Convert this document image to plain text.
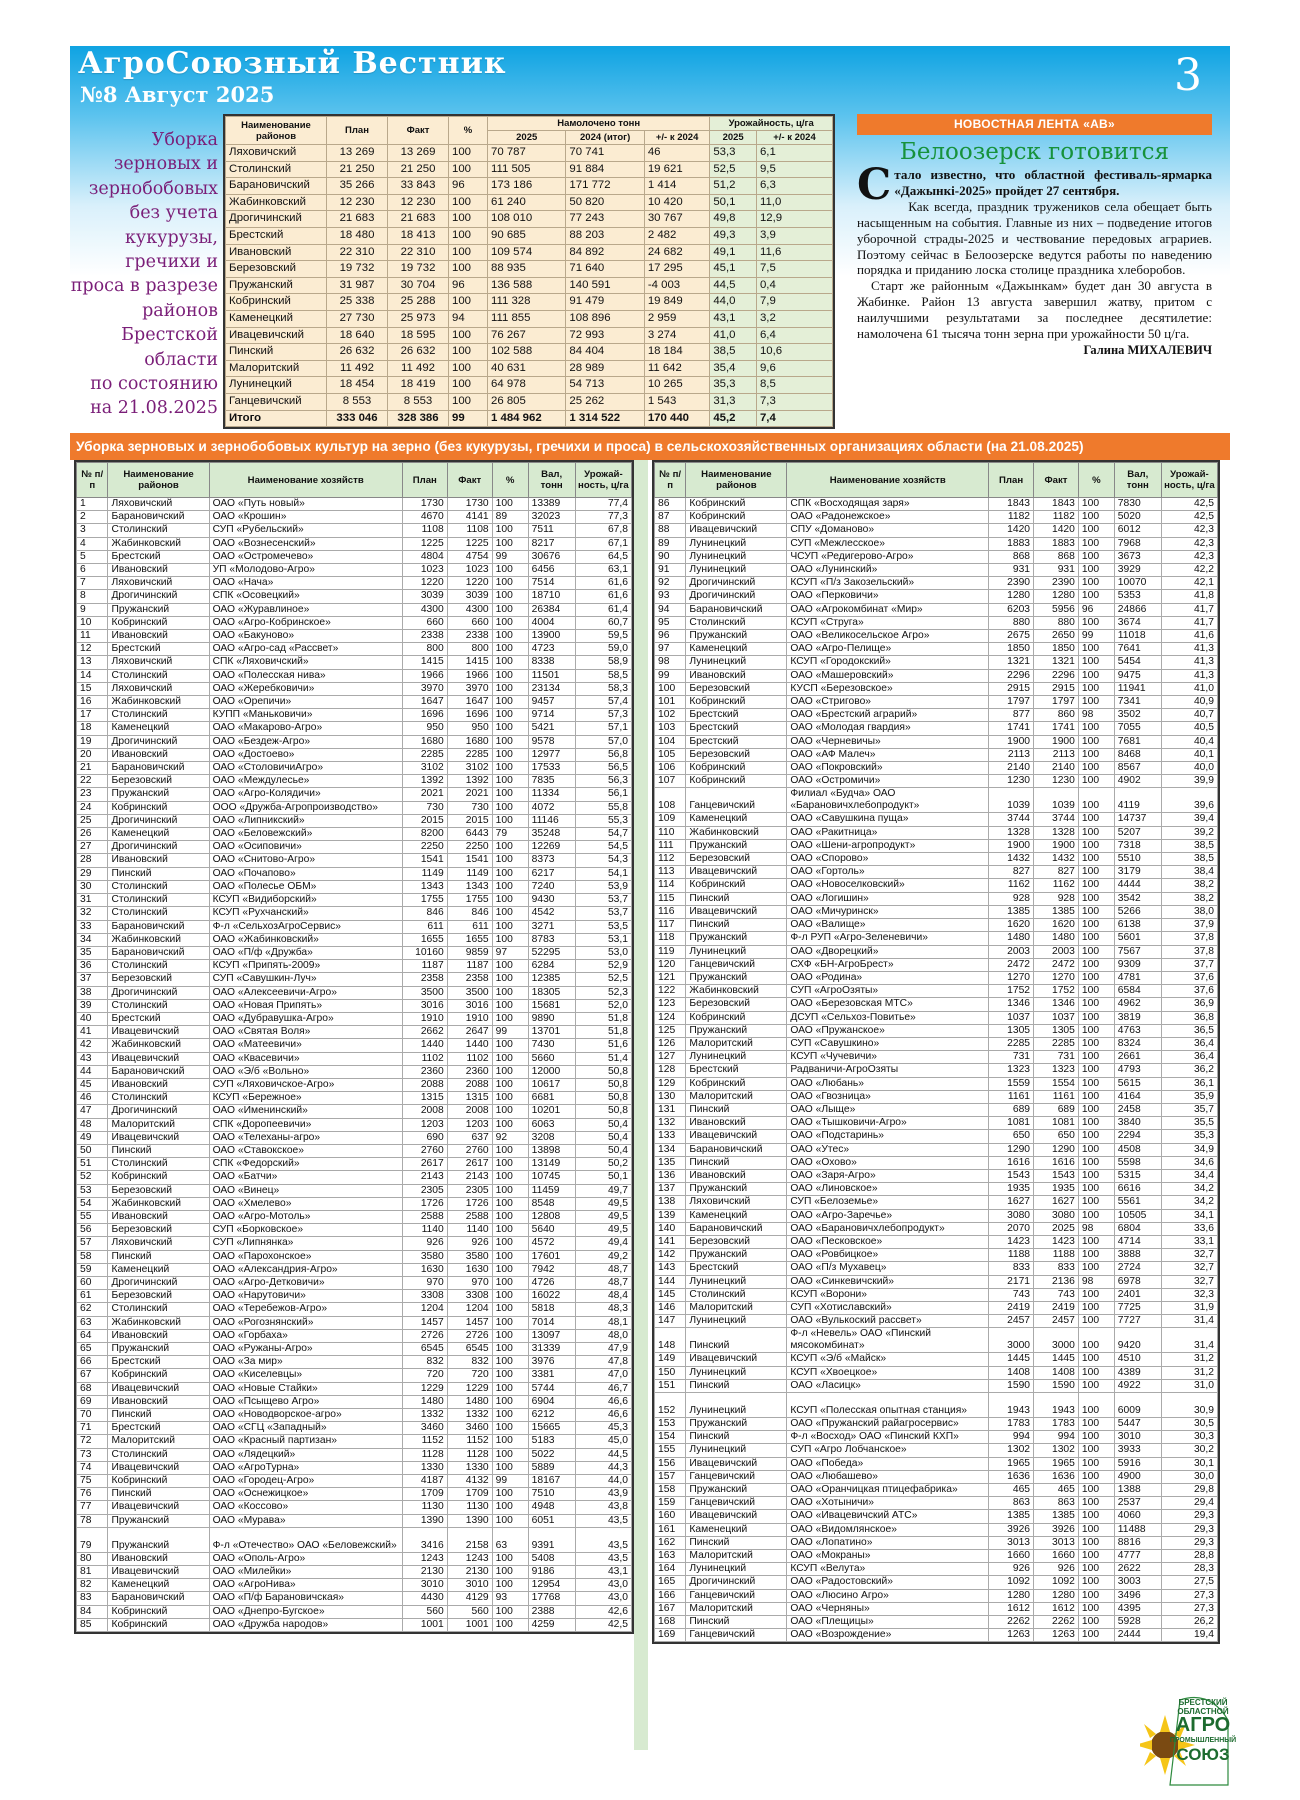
АгроСоюзный Вестник
№8 Август 2025	3
Уборка
зерновых и
зернобобовых
без учета
кукурузы,
гречихи и
проса в разрезе
районов
Брестской
области
по состоянию
на 21.08.2025
Наименование районов	План	Факт	%	Намолочено тонн			Урожайность, ц/га	
				2025	2024 (итог)	+/- к 2024	2025	+/- к 2024
Ляховичский	13 269	13 269	100	70 787	70 741	46	53,3	6,1
Столинский	21 250	21 250	100	111 505	91 884	19 621	52,5	9,5
Барановичский	35 266	33 843	96	173 186	171 772	1 414	51,2	6,3
Жабинковский	12 230	12 230	100	61 240	50 820	10 420	50,1	11,0
Дрогичинский	21 683	21 683	100	108 010	77 243	30 767	49,8	12,9
Брестский	18 480	18 413	100	90 685	88 203	2 482	49,3	3,9
Ивановский	22 310	22 310	100	109 574	84 892	24 682	49,1	11,6
Березовский	19 732	19 732	100	88 935	71 640	17 295	45,1	7,5
Пружанский	31 987	30 704	96	136 588	140 591	-4 003	44,5	0,4
Кобринский	25 338	25 288	100	111 328	91 479	19 849	44,0	7,9
Каменецкий	27 730	25 973	94	111 855	108 896	2 959	43,1	3,2
Ивацевичский	18 640	18 595	100	76 267	72 993	3 274	41,0	6,4
Пинский	26 632	26 632	100	102 588	84 404	18 184	38,5	10,6
Малоритский	11 492	11 492	100	40 631	28 989	11 642	35,4	9,6
Лунинецкий	18 454	18 419	100	64 978	54 713	10 265	35,3	8,5
Ганцевичский	8 553	8 553	100	26 805	25 262	1 543	31,3	7,3
Итого	333 046	328 386	99	1 484 962	1 314 522	170 440	45,2	7,4
НОВОСТНАЯ ЛЕНТА «АВ»
Белоозерск готовится

Стало известно, что областной фестиваль-ярмарка «Дажынкі-2025» пройдет 27 сентября.

Как всегда, праздник тружеников села обещает быть насыщенным на события. Главные из них – подведение итогов уборочной страды-2025 и чествование передовых аграриев. Поэтому сейчас в Белоозерске ведутся работы по наведению порядка и приданию лоска столице праздника хлеборобов.

Старт же районным «Дажынкам» будет дан 30 августа в Жабинке. Район 13 августа завершил жатву, притом с наилучшими результатами за последнее десятилетие: намолочена 61 тысяча тонн зерна при урожайности 50 ц/га.

Галина МИХАЛЕВИЧ
Уборка зерновых и зернобобовых культур на зерно (без кукурузы, гречихи и проса) в сельскохозяйственных организациях области (на 21.08.2025)
№ п/п	Наименование районов	Наименование хозяйств	План	Факт	%	Вал, тонн	Урожай-ность, ц/га
1	Ляховичский	ОАО «Путь новый»	1730	1730	100	13389	77,4
2	Барановичский	ОАО «Крошин»	4670	4141	89	32023	77,3
3	Столинский	СУП «Рубельский»	1108	1108	100	7511	67,8
4	Жабинковский	ОАО «Вознесенский»	1225	1225	100	8217	67,1
5	Брестский	ОАО «Остромечево»	4804	4754	99	30676	64,5
6	Ивановский	УП «Молодово-Агро»	1023	1023	100	6456	63,1
7	Ляховичский	ОАО «Нача»	1220	1220	100	7514	61,6
8	Дрогичинский	СПК «Осовецкий»	3039	3039	100	18710	61,6
9	Пружанский	ОАО «Журавлиное»	4300	4300	100	26384	61,4
10	Кобринский	ОАО «Агро-Кобринское»	660	660	100	4004	60,7
11	Ивановский	ОАО «Бакуново»	2338	2338	100	13900	59,5
12	Брестский	ОАО «Агро-сад «Рассвет»	800	800	100	4723	59,0
13	Ляховичский	СПК «Ляховичский»	1415	1415	100	8338	58,9
14	Столинский	ОАО «Полесская нива»	1966	1966	100	11501	58,5
15	Ляховичский	ОАО «Жеребковичи»	3970	3970	100	23134	58,3
16	Жабинковский	ОАО «Орепичи»	1647	1647	100	9457	57,4
17	Столинский	КУПП «Маньковичи»	1696	1696	100	9714	57,3
18	Каменецкий	ОАО «Макарово-Агро»	950	950	100	5421	57,1
19	Дрогичинский	ОАО «Бездеж-Агро»	1680	1680	100	9578	57,0
20	Ивановский	ОАО «Достоево»	2285	2285	100	12977	56,8
21	Барановичский	ОАО «СтоловичиАгро»	3102	3102	100	17533	56,5
22	Березовский	ОАО «Междулесье»	1392	1392	100	7835	56,3
23	Пружанский	ОАО «Агро-Колядичи»	2021	2021	100	11334	56,1
24	Кобринский	ООО «Дружба-Агропроизводство»	730	730	100	4072	55,8
25	Дрогичинский	ОАО «Липникский»	2015	2015	100	11146	55,3
26	Каменецкий	ОАО «Беловежский»	8200	6443	79	35248	54,7
27	Дрогичинский	ОАО «Осиповичи»	2250	2250	100	12269	54,5
28	Ивановский	ОАО «Снитово-Агро»	1541	1541	100	8373	54,3
29	Пинский	ОАО «Почапово»	1149	1149	100	6217	54,1
30	Столинский	ОАО «Полесье ОБМ»	1343	1343	100	7240	53,9
31	Столинский	КСУП «Видиборский»	1755	1755	100	9430	53,7
32	Столинский	КСУП «Рухчанский»	846	846	100	4542	53,7
33	Барановичский	Ф-л «СельхозАгроСервис»	611	611	100	3271	53,5
34	Жабинковский	ОАО «Жабинковский»	1655	1655	100	8783	53,1
35	Барановичский	ОАО «П/ф «Дружба»	10160	9859	97	52295	53,0
36	Столинский	КСУП «Припять-2009»	1187	1187	100	6284	52,9
37	Березовский	СУП «Савушкин-Луч»	2358	2358	100	12385	52,5
38	Дрогичинский	ОАО «Алексеевичи-Агро»	3500	3500	100	18305	52,3
39	Столинский	ОАО «Новая Припять»	3016	3016	100	15681	52,0
40	Брестский	ОАО «Дубравушка-Агро»	1910	1910	100	9890	51,8
41	Ивацевичский	ОАО «Святая Воля»	2662	2647	99	13701	51,8
42	Жабинковский	ОАО «Матеевичи»	1440	1440	100	7430	51,6
43	Ивацевичский	ОАО «Квасевичи»	1102	1102	100	5660	51,4
44	Барановичский	ОАО «Э/б «Вольно»	2360	2360	100	12000	50,8
45	Ивановский	СУП «Ляховичское-Агро»	2088	2088	100	10617	50,8
46	Столинский	КСУП «Бережное»	1315	1315	100	6681	50,8
47	Дрогичинский	ОАО «Именинский»	2008	2008	100	10201	50,8
48	Малоритский	СПК «Доропеевичи»	1203	1203	100	6063	50,4
49	Ивацевичский	ОАО «Телеханы-агро»	690	637	92	3208	50,4
50	Пинский	ОАО «Ставокское»	2760	2760	100	13898	50,4
51	Столинский	СПК «Федорский»	2617	2617	100	13149	50,2
52	Кобринский	ОАО «Батчи»	2143	2143	100	10745	50,1
53	Березовский	ОАО «Винец»	2305	2305	100	11459	49,7
54	Жабинковский	ОАО «Хмелево»	1726	1726	100	8548	49,5
55	Ивановский	ОАО «Агро-Мотоль»	2588	2588	100	12808	49,5
56	Березовский	СУП «Борковское»	1140	1140	100	5640	49,5
57	Ляховичский	СУП «Липнянка»	926	926	100	4572	49,4
58	Пинский	ОАО «Парохонское»	3580	3580	100	17601	49,2
59	Каменецкий	ОАО «Александрия-Агро»	1630	1630	100	7942	48,7
60	Дрогичинский	ОАО «Агро-Детковичи»	970	970	100	4726	48,7
61	Березовский	ОАО «Нарутовичи»	3308	3308	100	16022	48,4
62	Столинский	ОАО «Теребежов-Агро»	1204	1204	100	5818	48,3
63	Жабинковский	ОАО «Рогознянский»	1457	1457	100	7014	48,1
64	Ивановский	ОАО «Горбаха»	2726	2726	100	13097	48,0
65	Пружанский	ОАО «Ружаны-Агро»	6545	6545	100	31339	47,9
66	Брестский	ОАО «За мир»	832	832	100	3976	47,8
67	Кобринский	ОАО «Киселевцы»	720	720	100	3381	47,0
68	Ивацевичский	ОАО «Новые Стайки»	1229	1229	100	5744	46,7
69	Ивановский	ОАО «Псыщево Агро»	1480	1480	100	6904	46,6
70	Пинский	ОАО «Новодворское-агро»	1332	1332	100	6212	46,6
71	Брестский	ОАО «СГЦ «Западный»	3460	3460	100	15665	45,3
72	Малоритский	ОАО «Красный партизан»	1152	1152	100	5183	45,0
73	Столинский	ОАО «Лядецкий»	1128	1128	100	5022	44,5
74	Ивацевичский	ОАО «АгроТурна»	1330	1330	100	5889	44,3
75	Кобринский	ОАО «Городец-Агро»	4187	4132	99	18167	44,0
76	Пинский	ОАО «Оснежицкое»	1709	1709	100	7510	43,9
77	Ивацевичский	ОАО «Коссово»	1130	1130	100	4948	43,8
78	Пружанский	ОАО «Мурава»	1390	1390	100	6051	43,5
79	Пружанский	Ф-л «Отечество» ОАО «Беловежский»	3416	2158	63	9391	43,5
80	Ивановский	ОАО «Ополь-Агро»	1243	1243	100	5408	43,5
81	Ивацевичский	ОАО «Милейки»	2130	2130	100	9186	43,1
82	Каменецкий	ОАО «АгроНива»	3010	3010	100	12954	43,0
83	Барановичский	ОАО «П/ф Барановичская»	4430	4129	93	17768	43,0
84	Кобринский	ОАО «Днепро-Бугское»	560	560	100	2388	42,6
85	Кобринский	ОАО «Дружба народов»	1001	1001	100	4259	42,5
№ п/п	Наименование районов	Наименование хозяйств	План	Факт	%	Вал, тонн	Урожай-ность, ц/га
86	Кобринский	СПК «Восходящая заря»	1843	1843	100	7830	42,5
87	Кобринский	ОАО «Радонежское»	1182	1182	100	5020	42,5
88	Ивацевичский	СПУ «Доманово»	1420	1420	100	6012	42,3
89	Лунинецкий	СУП «Межлесское»	1883	1883	100	7968	42,3
90	Лунинецкий	ЧСУП «Редигерово-Агро»	868	868	100	3673	42,3
91	Лунинецкий	ОАО «Лунинский»	931	931	100	3929	42,2
92	Дрогичинский	КСУП «П/з Закозельский»	2390	2390	100	10070	42,1
93	Дрогичинский	ОАО «Перковичи»	1280	1280	100	5353	41,8
94	Барановичский	ОАО «Агрокомбинат «Мир»	6203	5956	96	24866	41,7
95	Столинский	КСУП «Струга»	880	880	100	3674	41,7
96	Пружанский	ОАО «Великосельское Агро»	2675	2650	99	11018	41,6
97	Каменецкий	ОАО «Агро-Пелище»	1850	1850	100	7641	41,3
98	Лунинецкий	КСУП «Городокский»	1321	1321	100	5454	41,3
99	Ивановский	ОАО «Машеровский»	2296	2296	100	9475	41,3
100	Березовский	КУСП «Березовское»	2915	2915	100	11941	41,0
101	Кобринский	ОАО «Стригово»	1797	1797	100	7341	40,9
102	Брестский	ОАО «Брестский аграрий»	877	860	98	3502	40,7
103	Брестский	ОАО «Молодая гвардия»	1741	1741	100	7055	40,5
104	Брестский	ОАО «Черневичы»	1900	1900	100	7681	40,4
105	Березовский	ОАО «АФ Малеч»	2113	2113	100	8468	40,1
106	Кобринский	ОАО «Покровский»	2140	2140	100	8567	40,0
107	Кобринский	ОАО «Остромичи»	1230	1230	100	4902	39,9
108	Ганцевичский	Филиал «Будча» ОАО «Барановичхлебопродукт»	1039	1039	100	4119	39,6
109	Каменецкий	ОАО «Савушкина пуща»	3744	3744	100	14737	39,4
110	Жабинковский	ОАО «Ракитница»	1328	1328	100	5207	39,2
111	Пружанский	ОАО «Шени-агропродукт»	1900	1900	100	7318	38,5
112	Березовский	ОАО «Спорово»	1432	1432	100	5510	38,5
113	Ивацевичский	ОАО «Гортоль»	827	827	100	3179	38,4
114	Кобринский	ОАО «Новоселковский»	1162	1162	100	4444	38,2
115	Пинский	ОАО «Логишин»	928	928	100	3542	38,2
116	Ивацевичский	ОАО «Мичуринск»	1385	1385	100	5266	38,0
117	Пинский	ОАО «Валище»	1620	1620	100	6138	37,9
118	Пружанский	Ф-л РУП «Агро-Зеленевичи»	1480	1480	100	5601	37,8
119	Лунинецкий	ОАО «Дворецкий»	2003	2003	100	7567	37,8
120	Ганцевичский	СХФ «БН-АгроБрест»	2472	2472	100	9309	37,7
121	Пружанский	ОАО «Родина»	1270	1270	100	4781	37,6
122	Жабинковский	СУП «АгроОзяты»	1752	1752	100	6584	37,6
123	Березовский	ОАО «Березовская МТС»	1346	1346	100	4962	36,9
124	Кобринский	ДСУП «Сельхоз-Повитье»	1037	1037	100	3819	36,8
125	Пружанский	ОАО «Пружанское»	1305	1305	100	4763	36,5
126	Малоритский	СУП «Савушкино»	2285	2285	100	8324	36,4
127	Лунинецкий	КСУП «Чучевичи»	731	731	100	2661	36,4
128	Брестский	Радваничи-АгроОзяты	1323	1323	100	4793	36,2
129	Кобринский	ОАО «Любань»	1559	1554	100	5615	36,1
130	Малоритский	ОАО «Гвозница»	1161	1161	100	4164	35,9
131	Пинский	ОАО «Лыще»	689	689	100	2458	35,7
132	Ивановский	ОАО «Тышковичи-Агро»	1081	1081	100	3840	35,5
133	Ивацевичский	ОАО «Подстаринь»	650	650	100	2294	35,3
134	Барановичский	ОАО «Утес»	1290	1290	100	4508	34,9
135	Пинский	ОАО «Охово»	1616	1616	100	5598	34,6
136	Ивановский	ОАО «Заря-Агро»	1543	1543	100	5315	34,4
137	Пружанский	ОАО «Линовское»	1935	1935	100	6616	34,2
138	Ляховичский	СУП «Белоземье»	1627	1627	100	5561	34,2
139	Каменецкий	ОАО «Агро-Заречье»	3080	3080	100	10505	34,1
140	Барановичский	ОАО «Барановичхлебопродукт»	2070	2025	98	6804	33,6
141	Березовский	ОАО «Песковское»	1423	1423	100	4714	33,1
142	Пружанский	ОАО «Ровбицкое»	1188	1188	100	3888	32,7
143	Брестский	ОАО «П/з Мухавец»	833	833	100	2724	32,7
144	Лунинецкий	ОАО «Синкевичский»	2171	2136	98	6978	32,7
145	Столинский	КСУП «Ворони»	743	743	100	2401	32,3
146	Малоритский	СУП «Хотиславский»	2419	2419	100	7725	31,9
147	Лунинецкий	ОАО «Вулькоский рассвет»	2457	2457	100	7727	31,4
148	Пинский	Ф-л «Невель» ОАО «Пинский мясокомбинат»	3000	3000	100	9420	31,4
149	Ивацевичский	КСУП «Э/б «Майск»	1445	1445	100	4510	31,2
150	Лунинецкий	КСУП «Хвоецкое»	1408	1408	100	4389	31,2
151	Пинский	ОАО «Ласицк»	1590	1590	100	4922	31,0
152	Лунинецкий	КСУП «Полесская опытная станция»	1943	1943	100	6009	30,9
153	Пружанский	ОАО «Пружанский райагросервис»	1783	1783	100	5447	30,5
154	Пинский	Ф-л «Восход» ОАО «Пинский КХП»	994	994	100	3010	30,3
155	Лунинецкий	СУП «Агро Лобчанское»	1302	1302	100	3933	30,2
156	Ивацевичский	ОАО «Победа»	1965	1965	100	5916	30,1
157	Ганцевичский	ОАО «Любашево»	1636	1636	100	4900	30,0
158	Пружанский	ОАО «Оранчицкая птицефабрика»	465	465	100	1388	29,8
159	Ганцевичский	ОАО «Хотыничи»	863	863	100	2537	29,4
160	Ивацевичский	ОАО «Ивацевичский АТС»	1385	1385	100	4060	29,3
161	Каменецкий	ОАО «Видомлянское»	3926	3926	100	11488	29,3
162	Пинский	ОАО «Лопатино»	3013	3013	100	8816	29,3
163	Малоритский	ОАО «Мокраны»	1660	1660	100	4777	28,8
164	Лунинецкий	КСУП «Велута»	926	926	100	2622	28,3
165	Дрогичинский	ОАО «Радостовский»	1092	1092	100	3003	27,5
166	Ганцевичский	ОАО «Люсино Агро»	1280	1280	100	3496	27,3
167	Малоритский	ОАО «Черняны»	1612	1612	100	4395	27,3
168	Пинский	ОАО «Плещицы»	2262	2262	100	5928	26,2
169	Ганцевичский	ОАО «Возрождение»	1263	1263	100	2444	19,4
БРЕСТСКИЙ
ОБЛАСТНОЙ
АГРО
ПРОМЫШЛЕННЫЙ
СОЮЗ
